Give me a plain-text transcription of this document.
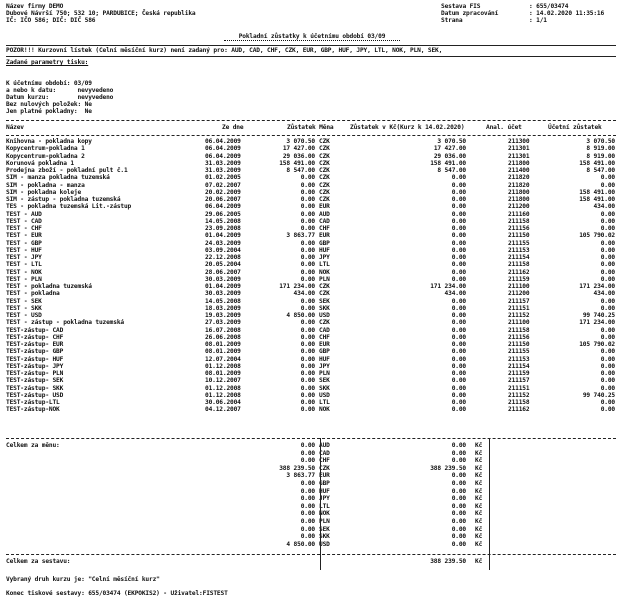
Název firmy DEMO
Dubové Návrší 750; 532 10; PARDUBICE; Česká republika
IČ: IČO 586; DIČ: DIČ 586
Sestava FIS	: 655/03474
Datum zpracování	: 14.02.2020 11:35:16
Strana	: 1/1
Pokladní zůstatky k účetnímu období 03/09
POZOR!!! Kurzovní lístek (Celní měsíční kurz) není zadaný pro: AUD, CAD, CHF, CZK, EUR, GBP, HUF, JPY, LTL, NOK, PLN, SEK,
Zadané parametry tisku:
K účetnímu období: 03/09
a nebo k datu:      nevyvedeno
Datum kurzu:        nevyvedeno
Bez nulových položek: Ne
Jen platné pokladny:  Ne
Název	Ze dne	Zůstatek Měna	Zůstatek v Kč(Kurz k 14.02.2020)	Anal. účet	Účetní zůstatek
Knihovna - pokladna kopy	06.04.2009	3 070.50 CZK	3 070.50	211300	3 070.50
Kopycentrum-pokladna 1	06.04.2009	17 427.00 CZK	17 427.00	211301	8 919.00
Kopycentrum-pokladna 2	06.04.2009	29 036.00 CZK	29 036.00	211301	8 919.00
Korunová pokladna 1	31.03.2009	158 491.00 CZK	158 491.00	211800	158 491.00
Prodejna zboží - pokladní pult č.1	31.03.2009	8 547.00 CZK	8 547.00	211400	8 547.00
SIM - manza pokladna tuzemská	01.02.2005	0.00 CZK	0.00	211820	0.00
SIM - pokladna - manza	07.02.2007	0.00 CZK	0.00	211820	0.00
SIM - pokladna koleje	20.02.2009	0.00 CZK	0.00	211800	158 491.00
SIM - zástup - pokladna tuzemská	20.06.2007	0.00 CZK	0.00	211800	158 491.00
TES - pokladna tuzemská Lit.-zástup	06.04.2009	0.00 EUR	0.00	211200	434.00
TEST - AUD	29.06.2005	0.00 AUD	0.00	211160	0.00
TEST - CAD	14.05.2008	0.00 CAD	0.00	211158	0.00
TEST - CHF	23.09.2008	0.00 CHF	0.00	211156	0.00
TEST - EUR	01.04.2009	3 863.77 EUR	0.00	211150	105 790.02
TEST - GBP	24.03.2009	0.00 GBP	0.00	211155	0.00
TEST - HUF	03.09.2004	0.00 HUF	0.00	211153	0.00
TEST - JPY	22.12.2008	0.00 JPY	0.00	211154	0.00
TEST - LTL	20.05.2004	0.00 LTL	0.00	211158	0.00
TEST - NOK	28.06.2007	0.00 NOK	0.00	211162	0.00
TEST - PLN	30.03.2009	0.00 PLN	0.00	211159	0.00
TEST - pokladna tuzemská	01.04.2009	171 234.00 CZK	171 234.00	211100	171 234.00
TEST - pokladna	30.03.2009	434.00 CZK	434.00	211200	434.00
TEST - SEK	14.05.2008	0.00 SEK	0.00	211157	0.00
TEST - SKK	18.03.2009	0.00 SKK	0.00	211151	0.00
TEST - USD	19.03.2009	4 850.00 USD	0.00	211152	99 740.25
TEST - zástup - pokladna tuzemská	27.03.2009	0.00 CZK	0.00	211100	171 234.00
TEST-zástup- CAD	16.07.2008	0.00 CAD	0.00	211158	0.00
TEST-zástup- CHF	26.06.2008	0.00 CHF	0.00	211156	0.00
TEST-zástup- EUR	08.01.2009	0.00 EUR	0.00	211150	105 790.02
TEST-zástup- GBP	08.01.2009	0.00 GBP	0.00	211155	0.00
TEST-zástup- HUF	12.07.2004	0.00 HUF	0.00	211153	0.00
TEST-zástup- JPY	01.12.2008	0.00 JPY	0.00	211154	0.00
TEST-zástup- PLN	08.01.2009	0.00 PLN	0.00	211159	0.00
TEST-zástup- SEK	10.12.2007	0.00 SEK	0.00	211157	0.00
TEST-zástup- SKK	01.12.2008	0.00 SKK	0.00	211151	0.00
TEST-zástup- USD	01.12.2008	0.00 USD	0.00	211152	99 740.25
TEST-zástup-LTL	30.06.2004	0.00 LTL	0.00	211158	0.00
TEST-zástup-NOK	04.12.2007	0.00 NOK	0.00	211162	0.00
Celkem za měnu:	0.00 AUD	0.00 Kč
0.00 CAD	0.00 Kč
0.00 CHF	0.00 Kč
388 239.50 CZK	388 239.50 Kč
3 863.77 EUR	0.00 Kč
0.00 GBP	0.00 Kč
0.00 HUF	0.00 Kč
0.00 JPY	0.00 Kč
0.00 LTL	0.00 Kč
0.00 NOK	0.00 Kč
0.00 PLN	0.00 Kč
0.00 SEK	0.00 Kč
0.00 SKK	0.00 Kč
4 850.00 USD	0.00 Kč
Celkem za sestavu:	388 239.50 Kč
Vybraný druh kurzu je: "Celní měsíční kurz"
Konec tiskové sestavy: 655/03474 (EKPOKIS2) - Uživatel:FISTEST
